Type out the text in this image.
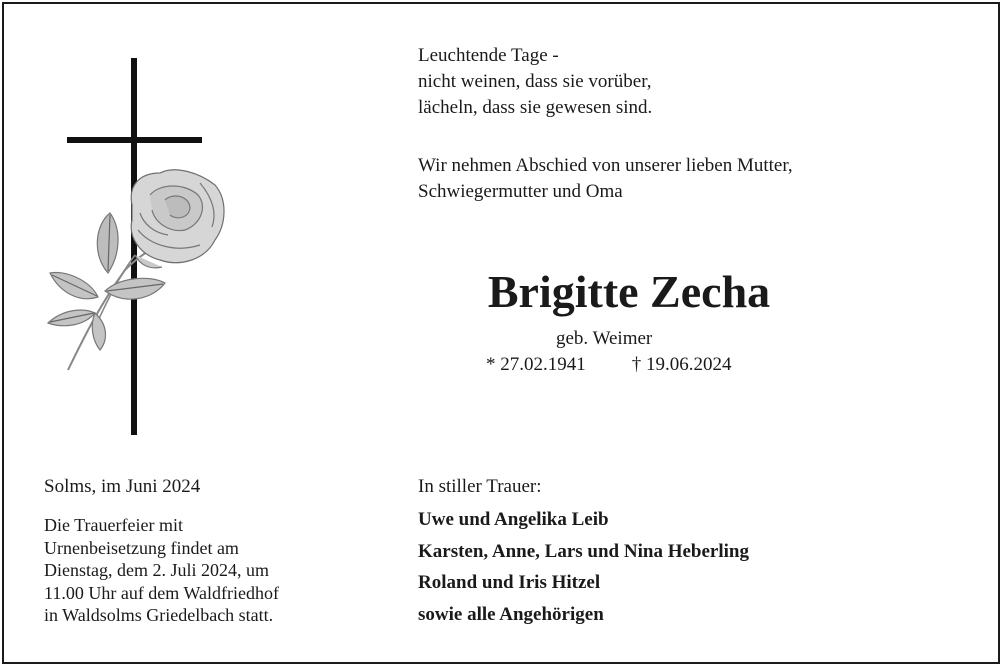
Leuchtende Tage -

nicht weinen, dass sie vorüber,

lächeln, dass sie gewesen sind.

Wir nehmen Abschied von unserer lieben Mutter,

Schwiegermutter und Oma

Brigitte Zecha
geb. Weimer
* 27.02.1941 † 19.06.2024
Solms, im Juni 2024

Die Trauerfeier mit

Urnenbeisetzung findet am

Dienstag, dem 2. Juli 2024, um

11.00 Uhr auf dem Waldfriedhof

in Waldsolms Griedelbach statt.

In stiller Trauer:

Uwe und Angelika Leib

Karsten, Anne, Lars und Nina Heberling

Roland und Iris Hitzel

sowie alle Angehörigen
